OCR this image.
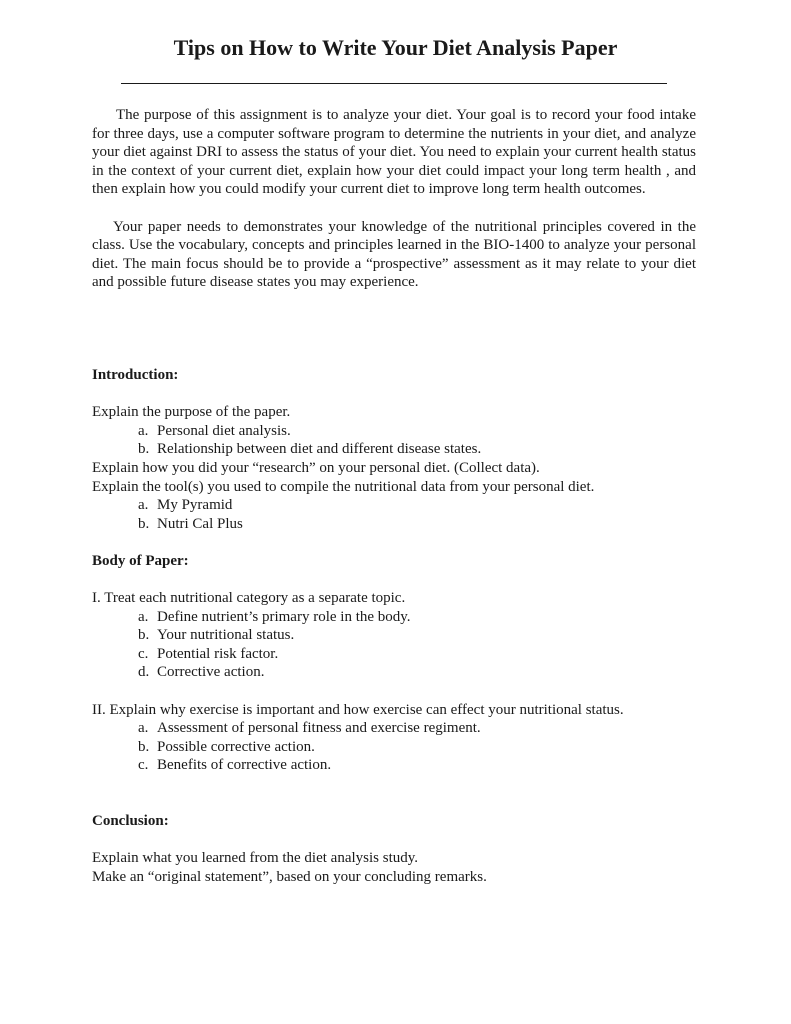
Tips on How to Write Your Diet Analysis Paper

The purpose of this assignment is to analyze your diet. Your goal is to record your food intake for three days, use a computer software program to determine the nutrients in your diet, and analyze your diet against DRI to assess the status of your diet. You need to explain your current health status in the context of your current diet, explain how your diet could impact your long term health , and then explain how you could modify your current diet to improve long term health outcomes.

Your paper needs to demonstrates your knowledge of the nutritional principles covered in the class. Use the vocabulary, concepts and principles learned in the BIO-1400 to analyze your personal diet. The main focus should be to provide a “prospective” assessment as it may relate to your diet and possible future disease states you may experience.

Introduction:

Explain the purpose of the paper.

a. Personal diet analysis.

b. Relationship between diet and different disease states.

Explain how you did your “research” on your personal diet. (Collect data).

Explain the tool(s) you used to compile the nutritional data from your personal diet.

a. My Pyramid

b. Nutri Cal Plus

Body of Paper:

I. Treat each nutritional category as a separate topic.

a. Define nutrient’s primary role in the body.

b. Your nutritional status.

c. Potential risk factor.

d. Corrective action.

II. Explain why exercise is important and how exercise can effect your nutritional status.

a. Assessment of personal fitness and exercise regiment.

b. Possible corrective action.

c. Benefits of corrective action.

Conclusion:

Explain what you learned from the diet analysis study.

Make an “original statement”, based on your concluding remarks.
